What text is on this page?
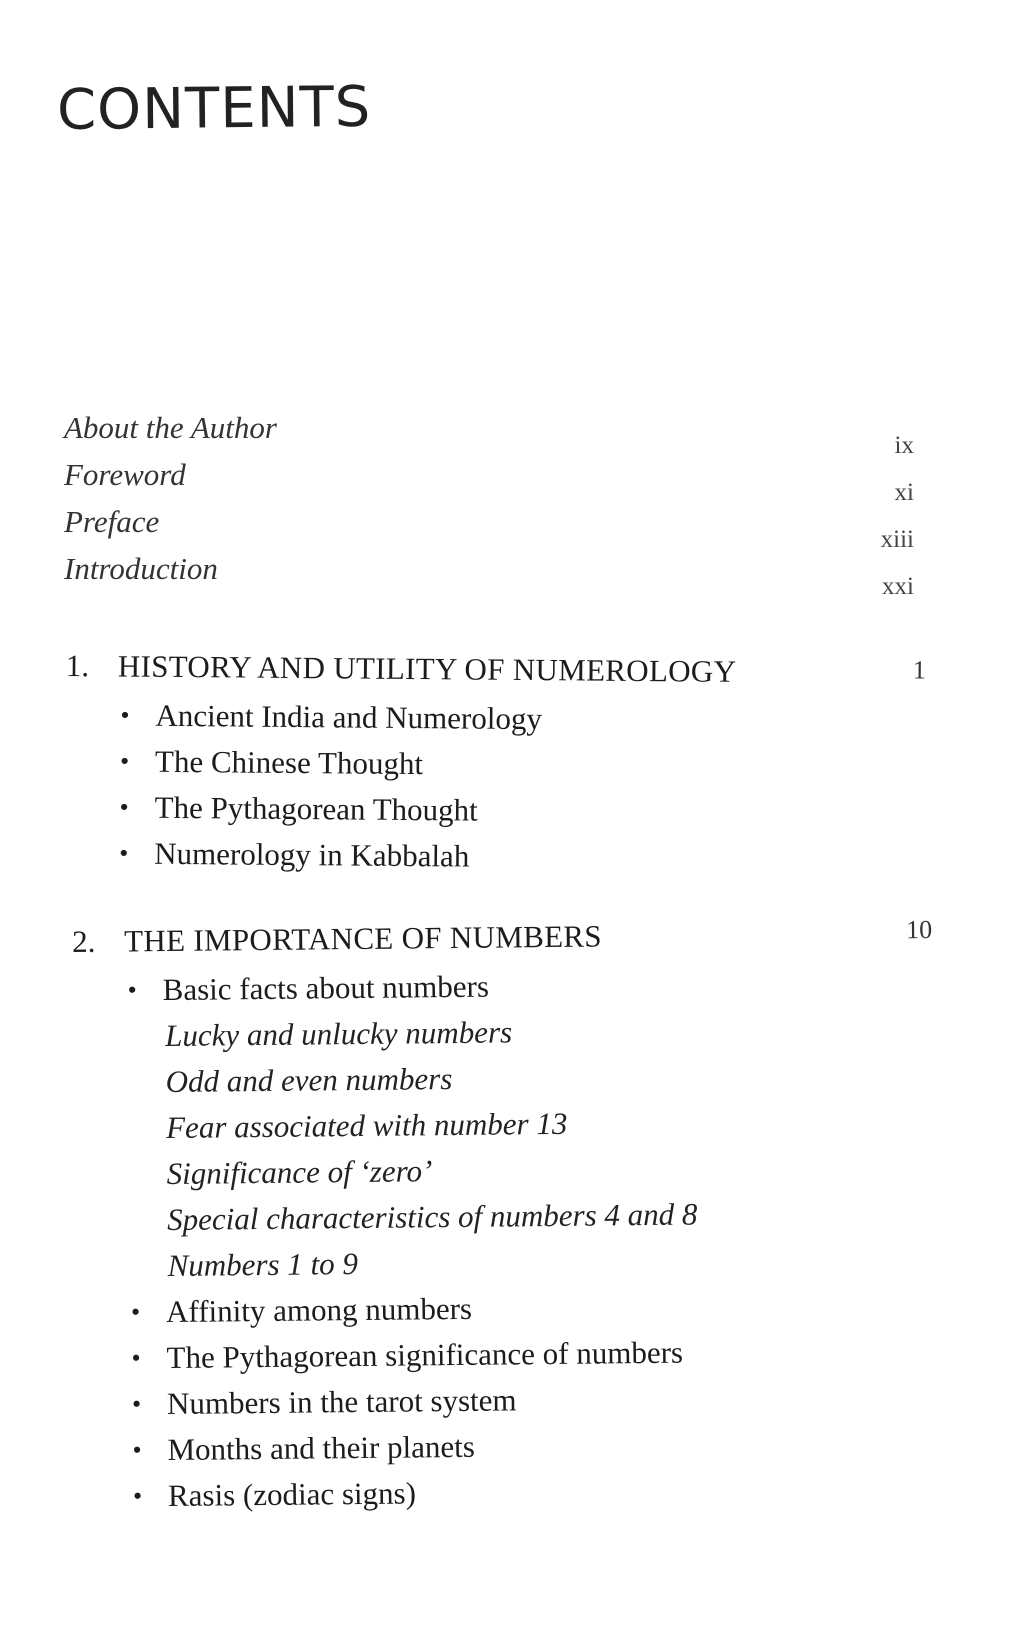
CONTENTS
About the Author
ix
Foreword
xi
Preface
xiii
Introduction
xxi
1. HISTORY AND UTILITY OF NUMEROLOGY	1
• Ancient India and Numerology
• The Chinese Thought
• The Pythagorean Thought
• Numerology in Kabbalah
2. THE IMPORTANCE OF NUMBERS	10
• Basic facts about numbers
Lucky and unlucky numbers
Odd and even numbers
Fear associated with number 13
Significance of ‘zero’
Special characteristics of numbers 4 and 8
Numbers 1 to 9
• Affinity among numbers
• The Pythagorean significance of numbers
• Numbers in the tarot system
• Months and their planets
• Rasis (zodiac signs)
